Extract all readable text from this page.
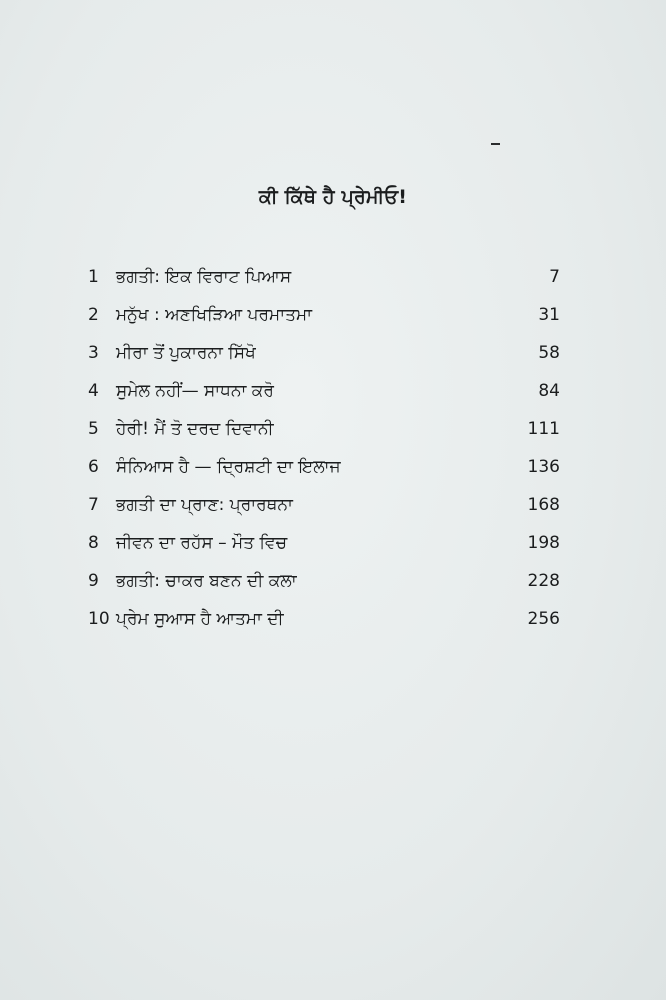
ਕੀ ਕਿੱਥੇ ਹੈ ਪ੍ਰੇਮੀਓ!
1	ਭਗਤੀ: ਇਕ ਵਿਰਾਟ ਪਿਆਸ	7
2	ਮਨੁੱਖ : ਅਣਖਿੜਿਆ ਪਰਮਾਤਮਾ	31
3	ਮੀਰਾ ਤੋਂ ਪੁਕਾਰਨਾ ਸਿੱਖੋ	58
4	ਸੁਮੇਲ ਨਹੀਂ— ਸਾਧਨਾ ਕਰੋ	84
5	ਹੇਰੀ! ਮੈਂ ਤੋ ਦਰਦ ਦਿਵਾਨੀ	111
6	ਸੰਨਿਆਸ ਹੈ — ਦ੍ਰਿਸ਼ਟੀ ਦਾ ਇਲਾਜ	136
7	ਭਗਤੀ ਦਾ ਪ੍ਰਾਣ: ਪ੍ਰਾਰਥਨਾ	168
8	ਜੀਵਨ ਦਾ ਰਹੱਸ – ਮੌਤ ਵਿਚ	198
9	ਭਗਤੀ: ਚਾਕਰ ਬਣਨ ਦੀ ਕਲਾ	228
10 ਪ੍ਰੇਮ ਸੁਆਸ ਹੈ ਆਤਮਾ ਦੀ	256
